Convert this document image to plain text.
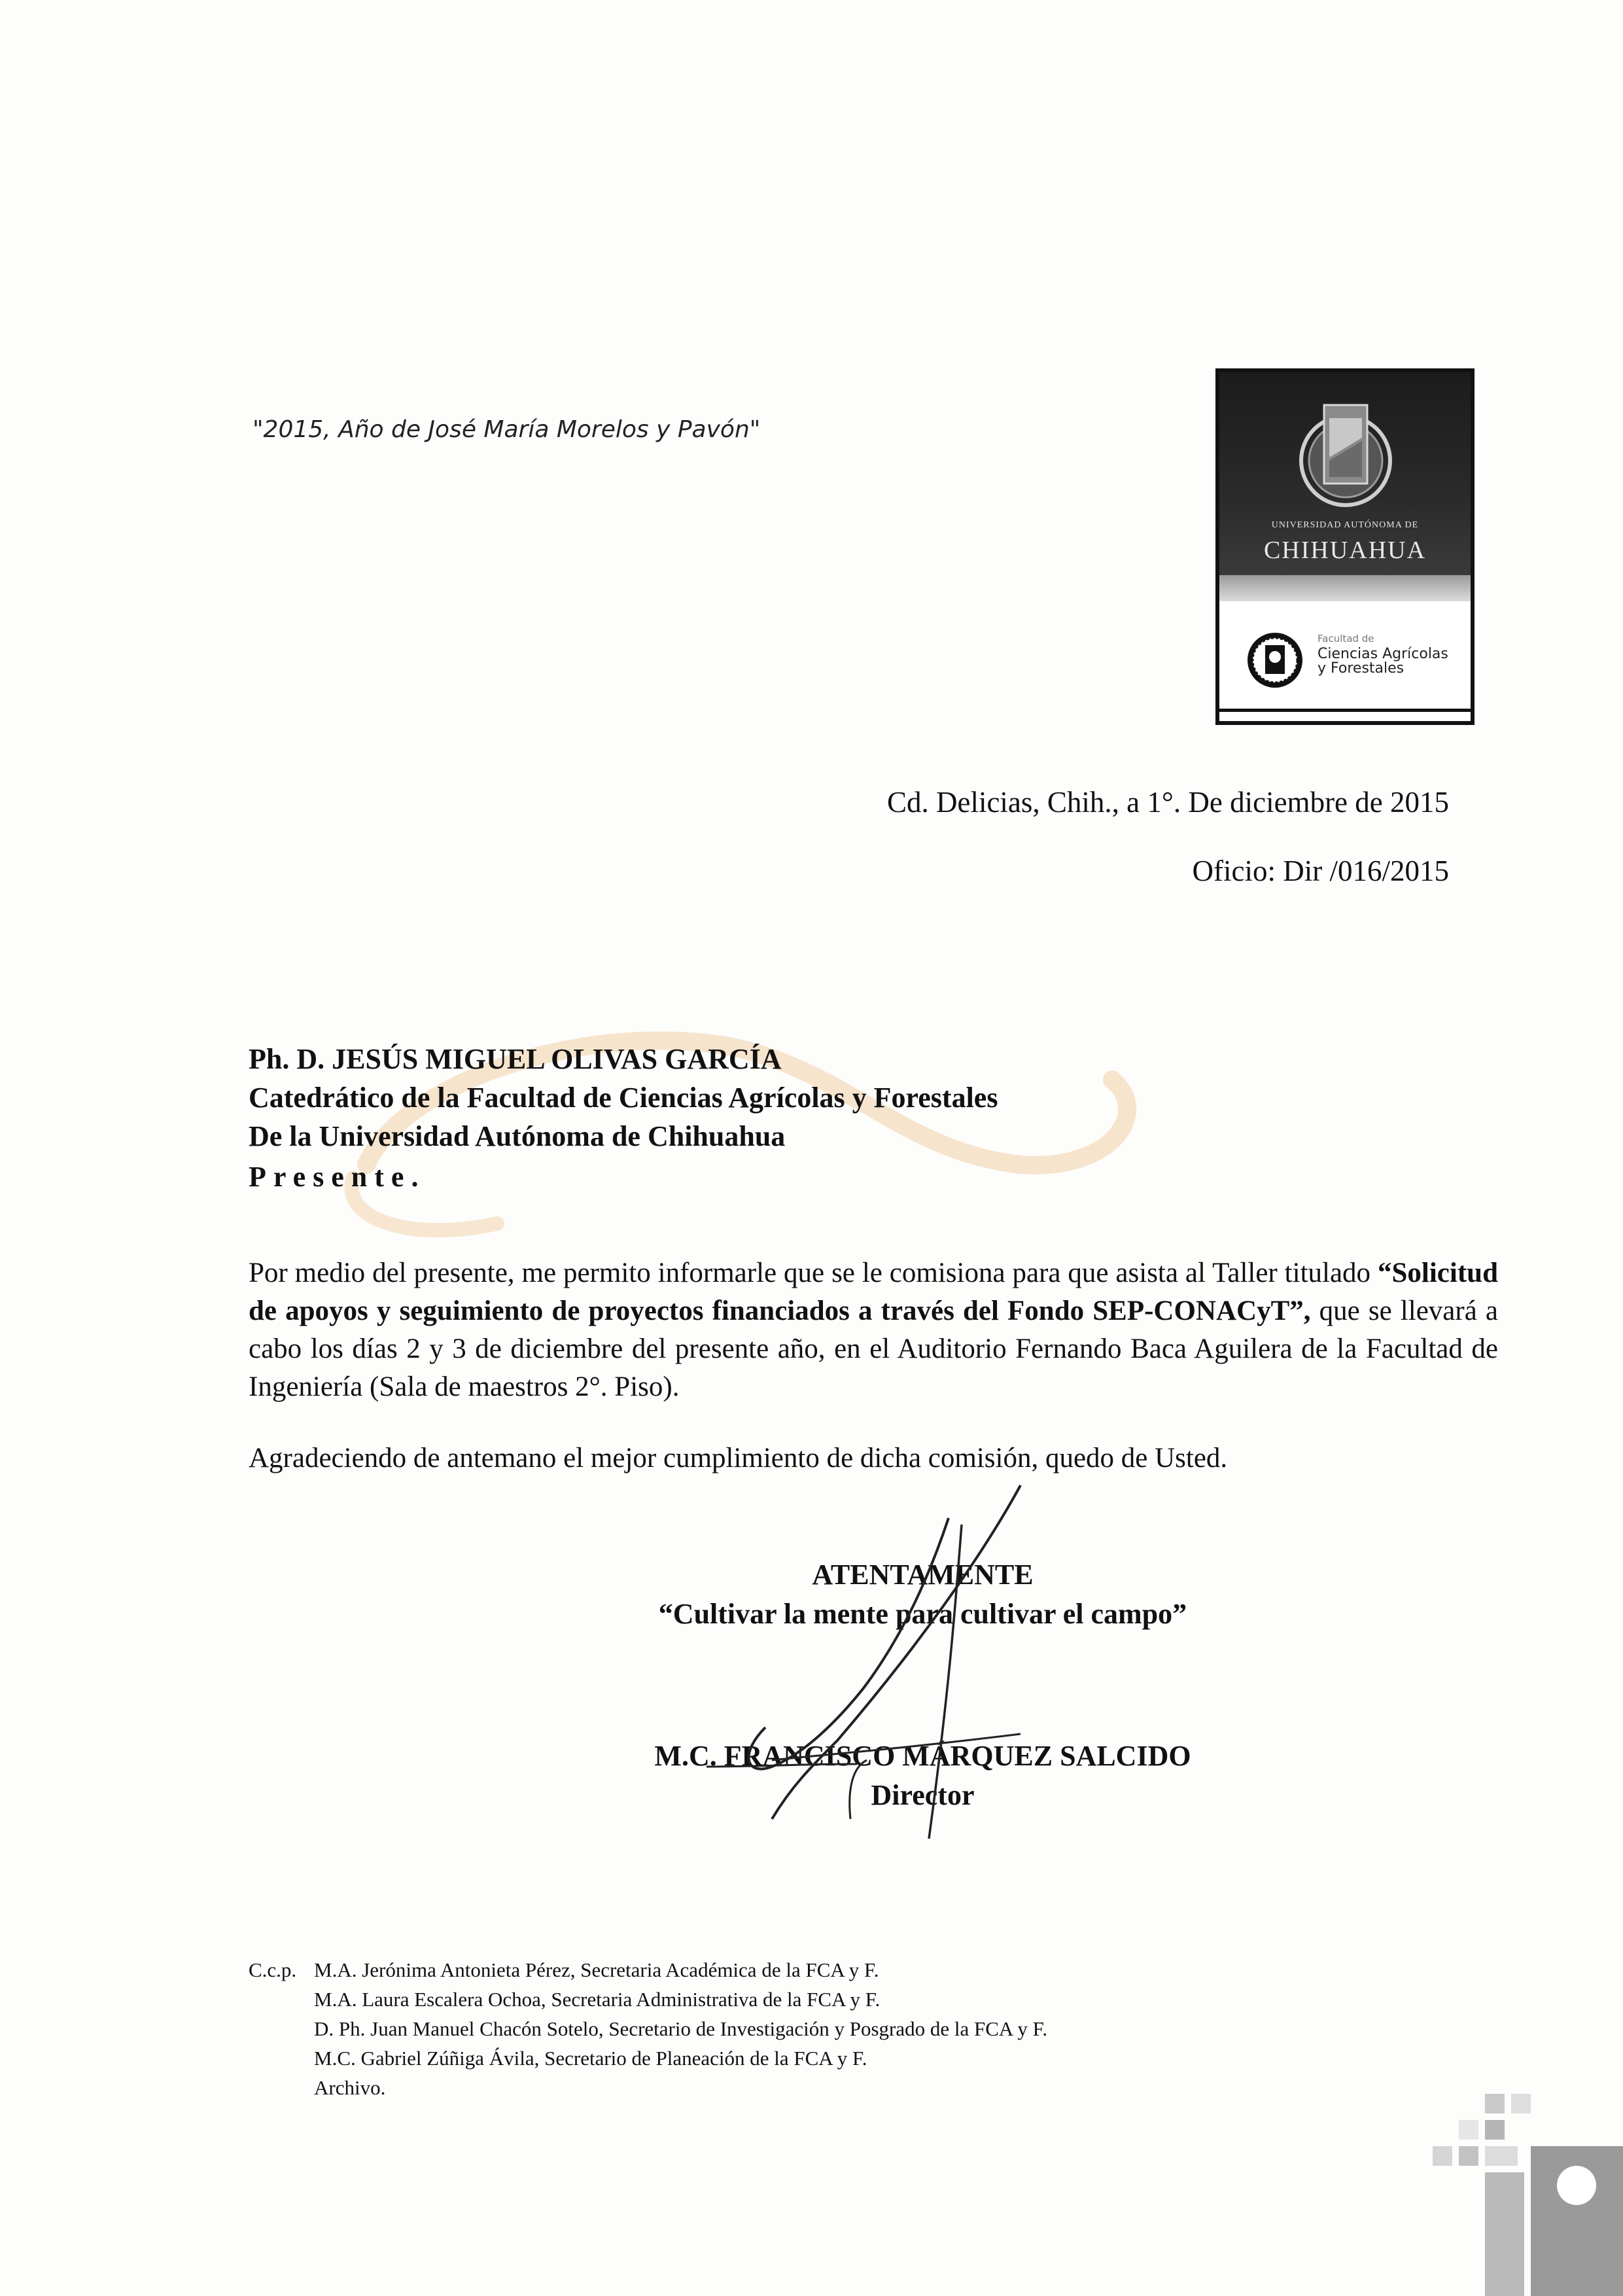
"2015, Año de José María Morelos y Pavón"
UNIVERSIDAD AUTÓNOMA DE
CHIHUAHUA
Facultad de
Ciencias Agrícolas
y Forestales
Cd. Delicias, Chih., a 1°. De diciembre de 2015
Oficio: Dir /016/2015
Ph. D. JESÚS MIGUEL OLIVAS GARCÍA
Catedrático de la Facultad de Ciencias Agrícolas y Forestales
De la Universidad Autónoma de Chihuahua
Presente.
Por medio del presente, me permito informarle que se le comisiona para que asista al Taller titulado “Solicitud de apoyos y seguimiento de proyectos financiados a través del Fondo SEP-CONACyT”, que se llevará a cabo los días 2 y 3 de diciembre del presente año, en el Auditorio Fernando Baca Aguilera de la Facultad de Ingeniería (Sala de maestros 2°. Piso).
Agradeciendo de antemano el mejor cumplimiento de dicha comisión, quedo de Usted.
ATENTAMENTE
“Cultivar la mente para cultivar el campo”
M.C. FRANCISCO MÁRQUEZ SALCIDO
Director
C.c.p. M.A. Jerónima Antonieta Pérez, Secretaria Académica de la FCA y F.
M.A. Laura Escalera Ochoa, Secretaria Administrativa de la FCA y F.
D. Ph. Juan Manuel Chacón Sotelo, Secretario de Investigación y Posgrado de la FCA y F.
M.C. Gabriel Zúñiga Ávila, Secretario de Planeación de la FCA y F.
Archivo.
